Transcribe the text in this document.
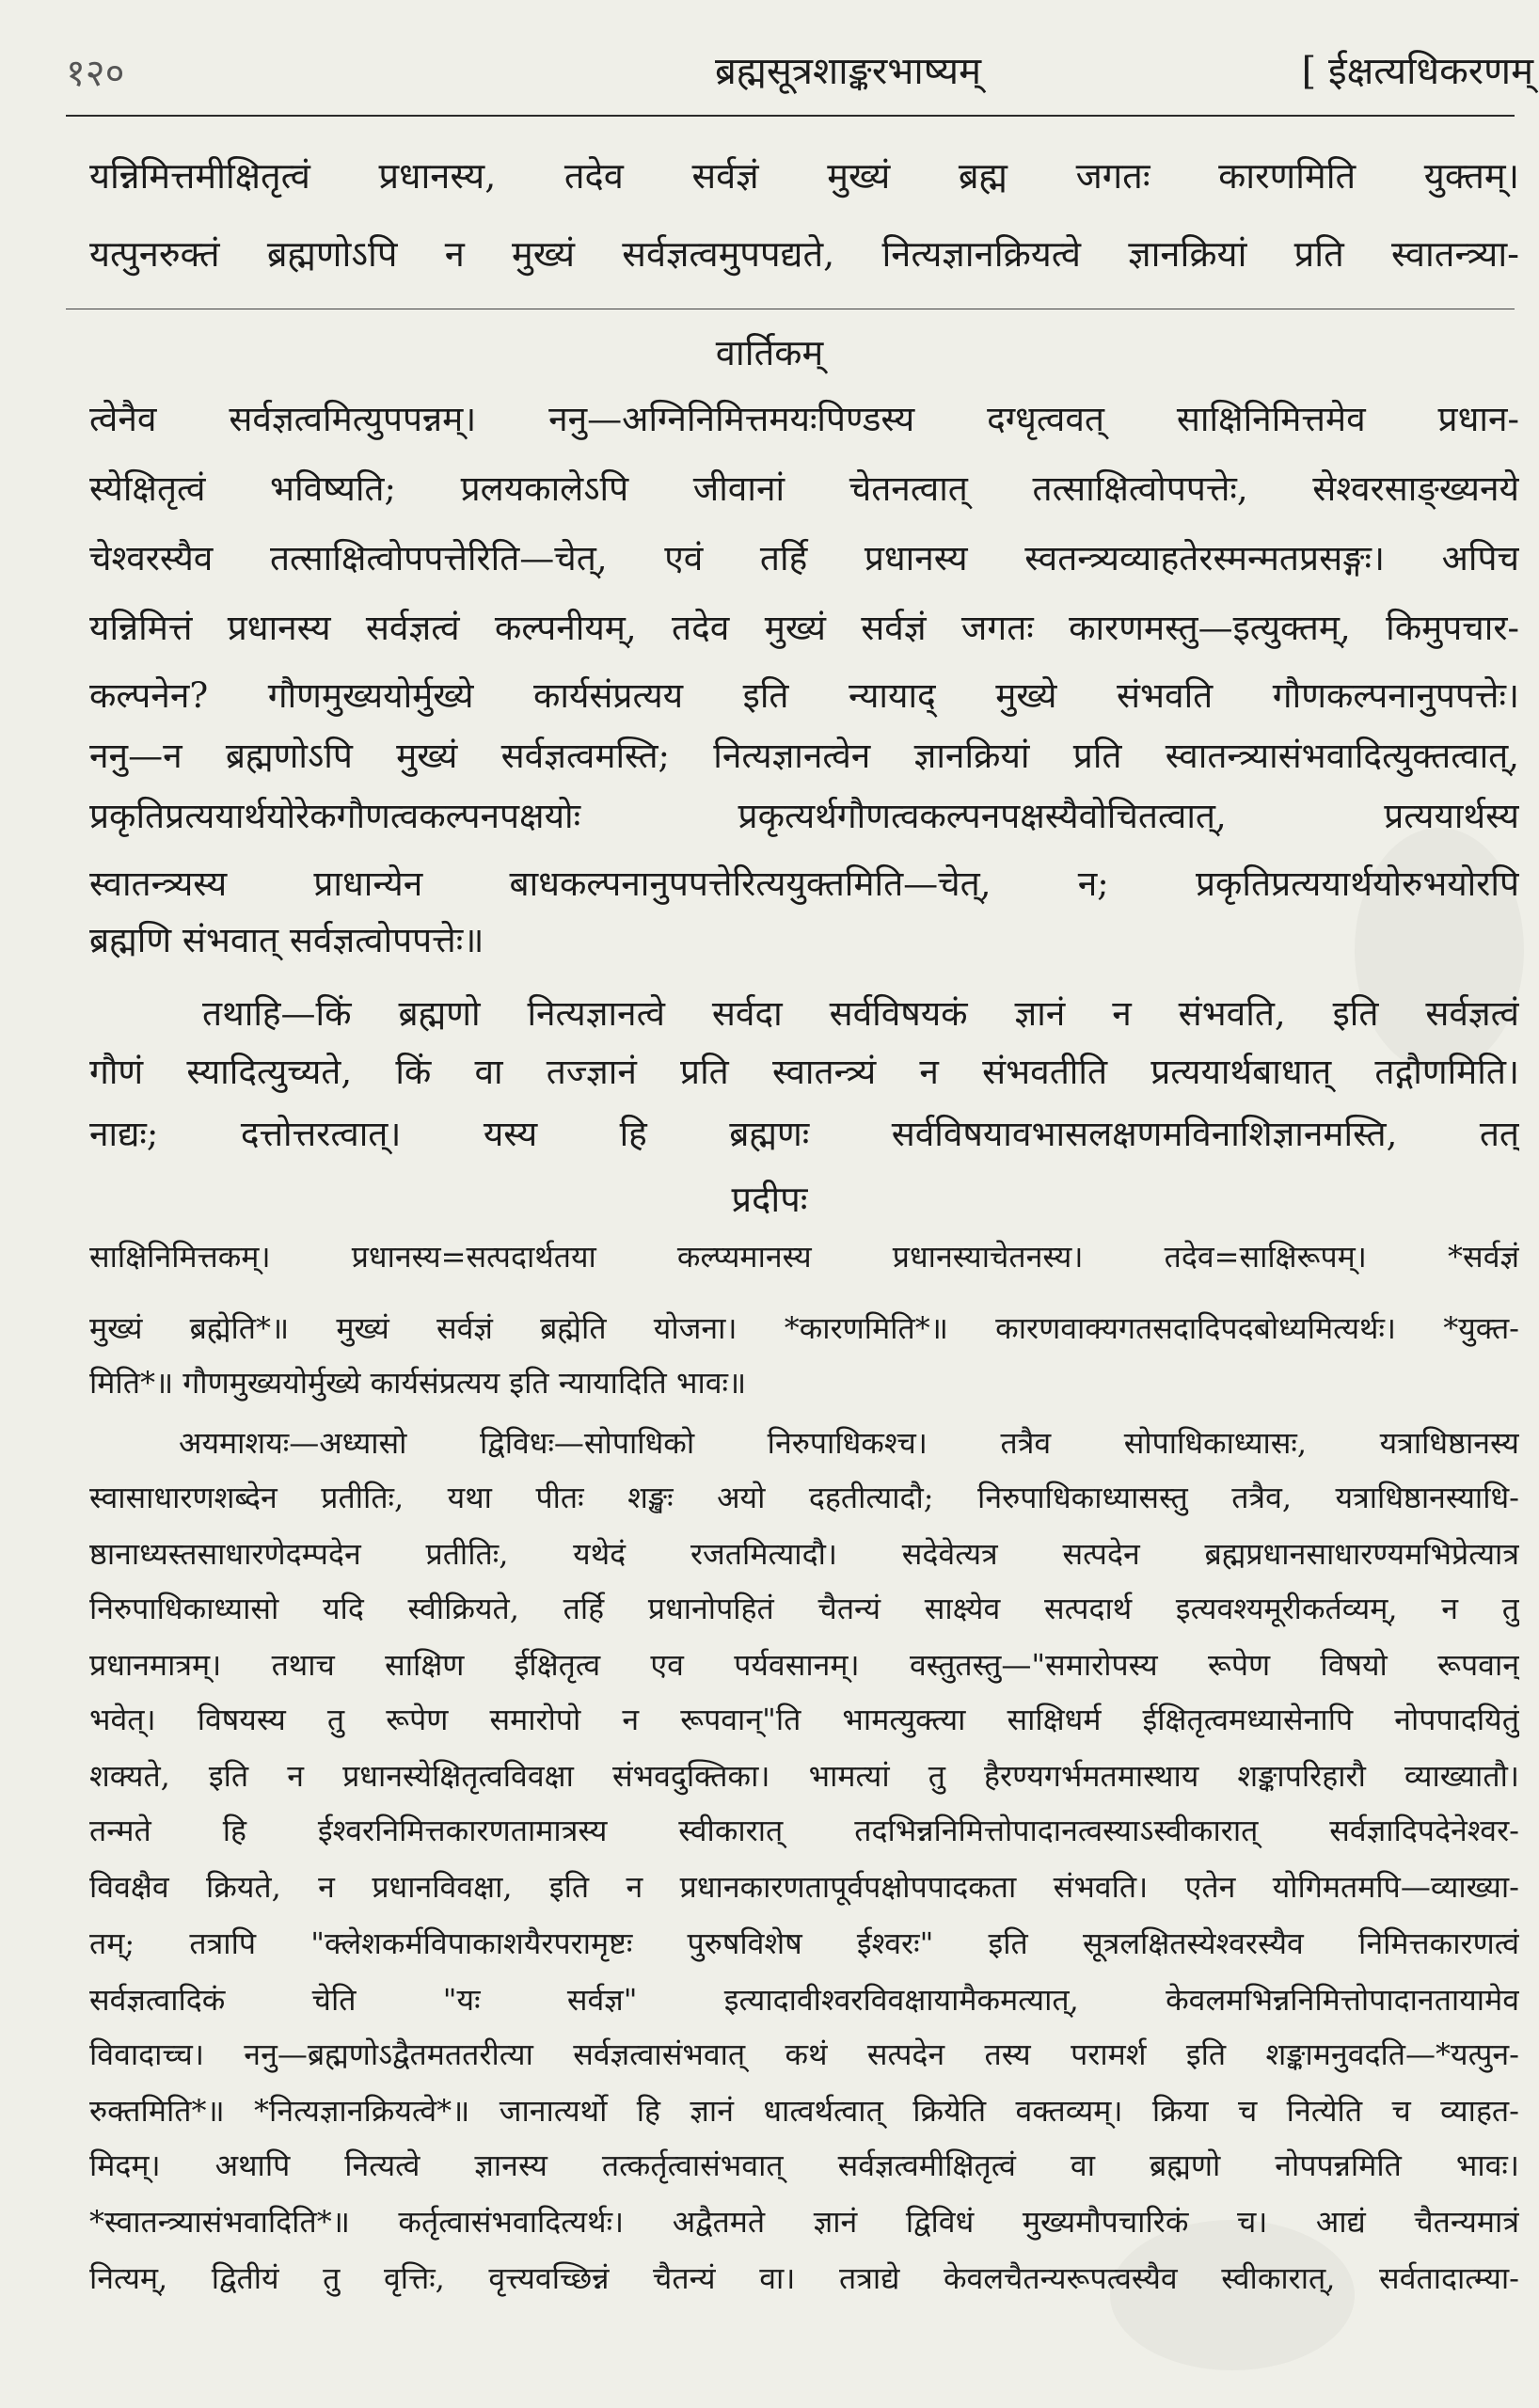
१२०	ब्रह्मसूत्रशाङ्करभाष्यम्	[ ईक्षत्यधिकरणम्
यन्निमित्तमीक्षितृत्वं प्रधानस्य, तदेव सर्वज्ञं मुख्यं ब्रह्म जगतः कारणमिति युक्तम्।
यत्पुनरुक्तं ब्रह्मणोऽपि न मुख्यं सर्वज्ञत्वमुपपद्यते, नित्यज्ञानक्रियत्वे ज्ञानक्रियां प्रति स्वातन्त्र्या-
वार्तिकम्
त्वेनैव सर्वज्ञत्वमित्युपपन्नम्। ननु—अग्निनिमित्तमयःपिण्डस्य दग्धृत्ववत् साक्षिनिमित्तमेव प्रधान-
स्येक्षितृत्वं भविष्यति; प्रलयकालेऽपि जीवानां चेतनत्वात् तत्साक्षित्वोपपत्तेः, सेश्वरसाङ्ख्यनये
चेश्वरस्यैव तत्साक्षित्वोपपत्तेरिति—चेत्, एवं तर्हि प्रधानस्य स्वतन्त्र्यव्याहतेरस्मन्मतप्रसङ्गः। अपिच
यन्निमित्तं प्रधानस्य सर्वज्ञत्वं कल्पनीयम्, तदेव मुख्यं सर्वज्ञं जगतः कारणमस्तु—इत्युक्तम्, किमुपचार-
कल्पनेन? गौणमुख्ययोर्मुख्ये कार्यसंप्रत्यय इति न्यायाद् मुख्ये संभवति गौणकल्पनानुपपत्तेः।
ननु—न ब्रह्मणोऽपि मुख्यं सर्वज्ञत्वमस्ति; नित्यज्ञानत्वेन ज्ञानक्रियां प्रति स्वातन्त्र्यासंभवादित्युक्तत्वात्,
प्रकृतिप्रत्ययार्थयोरेकगौणत्वकल्पनपक्षयोः प्रकृत्यर्थगौणत्वकल्पनपक्षस्यैवोचितत्वात्, प्रत्ययार्थस्य
स्वातन्त्र्यस्य प्राधान्येन बाधकल्पनानुपपत्तेरित्ययुक्तमिति—चेत्, न; प्रकृतिप्रत्ययार्थयोरुभयोरपि
ब्रह्मणि संभवात् सर्वज्ञत्वोपपत्तेः॥
तथाहि—किं ब्रह्मणो नित्यज्ञानत्वे सर्वदा सर्वविषयकं ज्ञानं न संभवति, इति सर्वज्ञत्वं
गौणं स्यादित्युच्यते, किं वा तज्ज्ञानं प्रति स्वातन्त्र्यं न संभवतीति प्रत्ययार्थबाधात् तद्गौणमिति।
नाद्यः; दत्तोत्तरत्वात्। यस्य हि ब्रह्मणः सर्वविषयावभासलक्षणमविनाशिज्ञानमस्ति, तत्
प्रदीपः
साक्षिनिमित्तकम्। प्रधानस्य=सत्पदार्थतया कल्प्यमानस्य प्रधानस्याचेतनस्य। तदेव=साक्षिरूपम्। *सर्वज्ञं
मुख्यं ब्रह्मेति*॥ मुख्यं सर्वज्ञं ब्रह्मेति योजना। *कारणमिति*॥ कारणवाक्यगतसदादिपदबोध्यमित्यर्थः। *युक्त-
मिति*॥ गौणमुख्ययोर्मुख्ये कार्यसंप्रत्यय इति न्यायादिति भावः॥
अयमाशयः—अध्यासो द्विविधः—सोपाधिको निरुपाधिकश्च। तत्रैव सोपाधिकाध्यासः, यत्राधिष्ठानस्य
स्वासाधारणशब्देन प्रतीतिः, यथा पीतः शङ्खः अयो दहतीत्यादौ; निरुपाधिकाध्यासस्तु तत्रैव, यत्राधिष्ठानस्याधि-
ष्ठानाध्यस्तसाधारणेदम्पदेन प्रतीतिः, यथेदं रजतमित्यादौ। सदेवेत्यत्र सत्पदेन ब्रह्मप्रधानसाधारण्यमभिप्रेत्यात्र
निरुपाधिकाध्यासो यदि स्वीक्रियते, तर्हि प्रधानोपहितं चैतन्यं साक्ष्येव सत्पदार्थ इत्यवश्यमूरीकर्तव्यम्, न तु
प्रधानमात्रम्। तथाच साक्षिण ईक्षितृत्व एव पर्यवसानम्। वस्तुतस्तु—"समारोपस्य रूपेण विषयो रूपवान्
भवेत्। विषयस्य तु रूपेण समारोपो न रूपवान्"ति भामत्युक्त्या साक्षिधर्म ईक्षितृत्वमध्यासेनापि नोपपादयितुं
शक्यते, इति न प्रधानस्येक्षितृत्वविवक्षा संभवदुक्तिका। भामत्यां तु हैरण्यगर्भमतमास्थाय शङ्कापरिहारौ व्याख्यातौ।
तन्मते हि ईश्वरनिमित्तकारणतामात्रस्य स्वीकारात् तदभिन्ननिमित्तोपादानत्वस्याऽस्वीकारात् सर्वज्ञादिपदेनेश्वर-
विवक्षैव क्रियते, न प्रधानविवक्षा, इति न प्रधानकारणतापूर्वपक्षोपपादकता संभवति। एतेन योगिमतमपि—व्याख्या-
तम्; तत्रापि "क्लेशकर्मविपाकाशयैरपरामृष्टः पुरुषविशेष ईश्वरः" इति सूत्रलक्षितस्येश्वरस्यैव निमित्तकारणत्वं
सर्वज्ञत्वादिकं चेति "यः सर्वज्ञ" इत्यादावीश्वरविवक्षायामैकमत्यात्, केवलमभिन्ननिमित्तोपादानतायामेव
विवादाच्च। ननु—ब्रह्मणोऽद्वैतमततरीत्या सर्वज्ञत्वासंभवात् कथं सत्पदेन तस्य परामर्श इति शङ्कामनुवदति—*यत्पुन-
रुक्तमिति*॥ *नित्यज्ञानक्रियत्वे*॥ जानात्यर्थो हि ज्ञानं धात्वर्थत्वात् क्रियेति वक्तव्यम्। क्रिया च नित्येति च व्याहत-
मिदम्। अथापि नित्यत्वे ज्ञानस्य तत्कर्तृत्वासंभवात् सर्वज्ञत्वमीक्षितृत्वं वा ब्रह्मणो नोपपन्नमिति भावः।
*स्वातन्त्र्यासंभवादिति*॥ कर्तृत्वासंभवादित्यर्थः। अद्वैतमते ज्ञानं द्विविधं मुख्यमौपचारिकं च। आद्यं चैतन्यमात्रं
नित्यम्, द्वितीयं तु वृत्तिः, वृत्त्यवच्छिन्नं चैतन्यं वा। तत्राद्ये केवलचैतन्यरूपत्वस्यैव स्वीकारात्, सर्वतादात्म्या-
